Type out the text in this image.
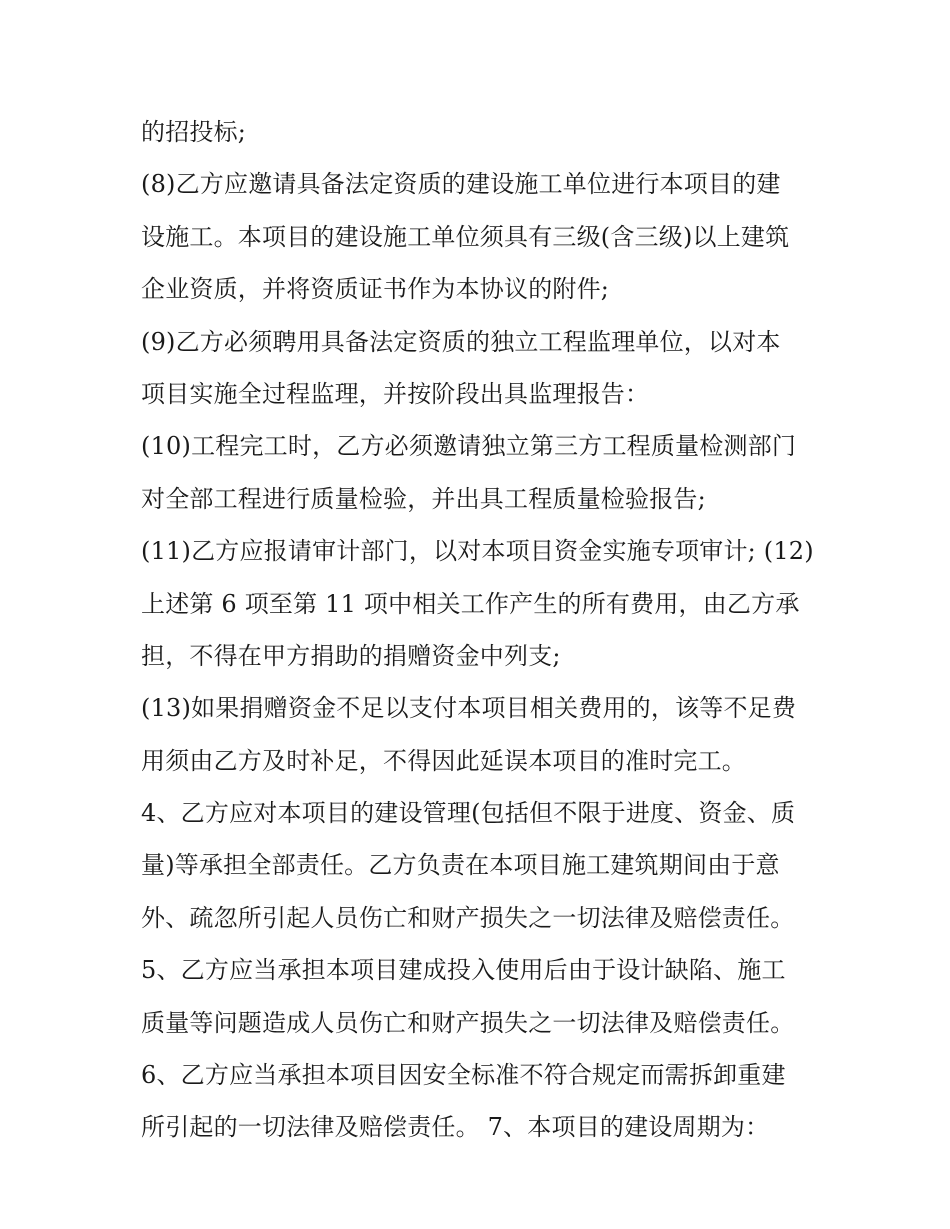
的招投标;
(8)乙方应邀请具备法定资质的建设施工单位进行本项目的建
设施工。本项目的建设施工单位须具有三级(含三级)以上建筑
企业资质，并将资质证书作为本协议的附件;
(9)乙方必须聘用具备法定资质的独立工程监理单位，以对本
项目实施全过程监理，并按阶段出具监理报告：
(10)工程完工时，乙方必须邀请独立第三方工程质量检测部门
对全部工程进行质量检验，并出具工程质量检验报告;
(11)乙方应报请审计部门，以对本项目资金实施专项审计; (12)
上述第 6 项至第 11 项中相关工作产生的所有费用，由乙方承
担，不得在甲方捐助的捐赠资金中列支;
(13)如果捐赠资金不足以支付本项目相关费用的，该等不足费
用须由乙方及时补足，不得因此延误本项目的准时完工。
4、乙方应对本项目的建设管理(包括但不限于进度、资金、质
量)等承担全部责任。乙方负责在本项目施工建筑期间由于意
外、疏忽所引起人员伤亡和财产损失之一切法律及赔偿责任。
5、乙方应当承担本项目建成投入使用后由于设计缺陷、施工
质量等问题造成人员伤亡和财产损失之一切法律及赔偿责任。
6、乙方应当承担本项目因安全标准不符合规定而需拆卸重建
所引起的一切法律及赔偿责任。 7、本项目的建设周期为：
